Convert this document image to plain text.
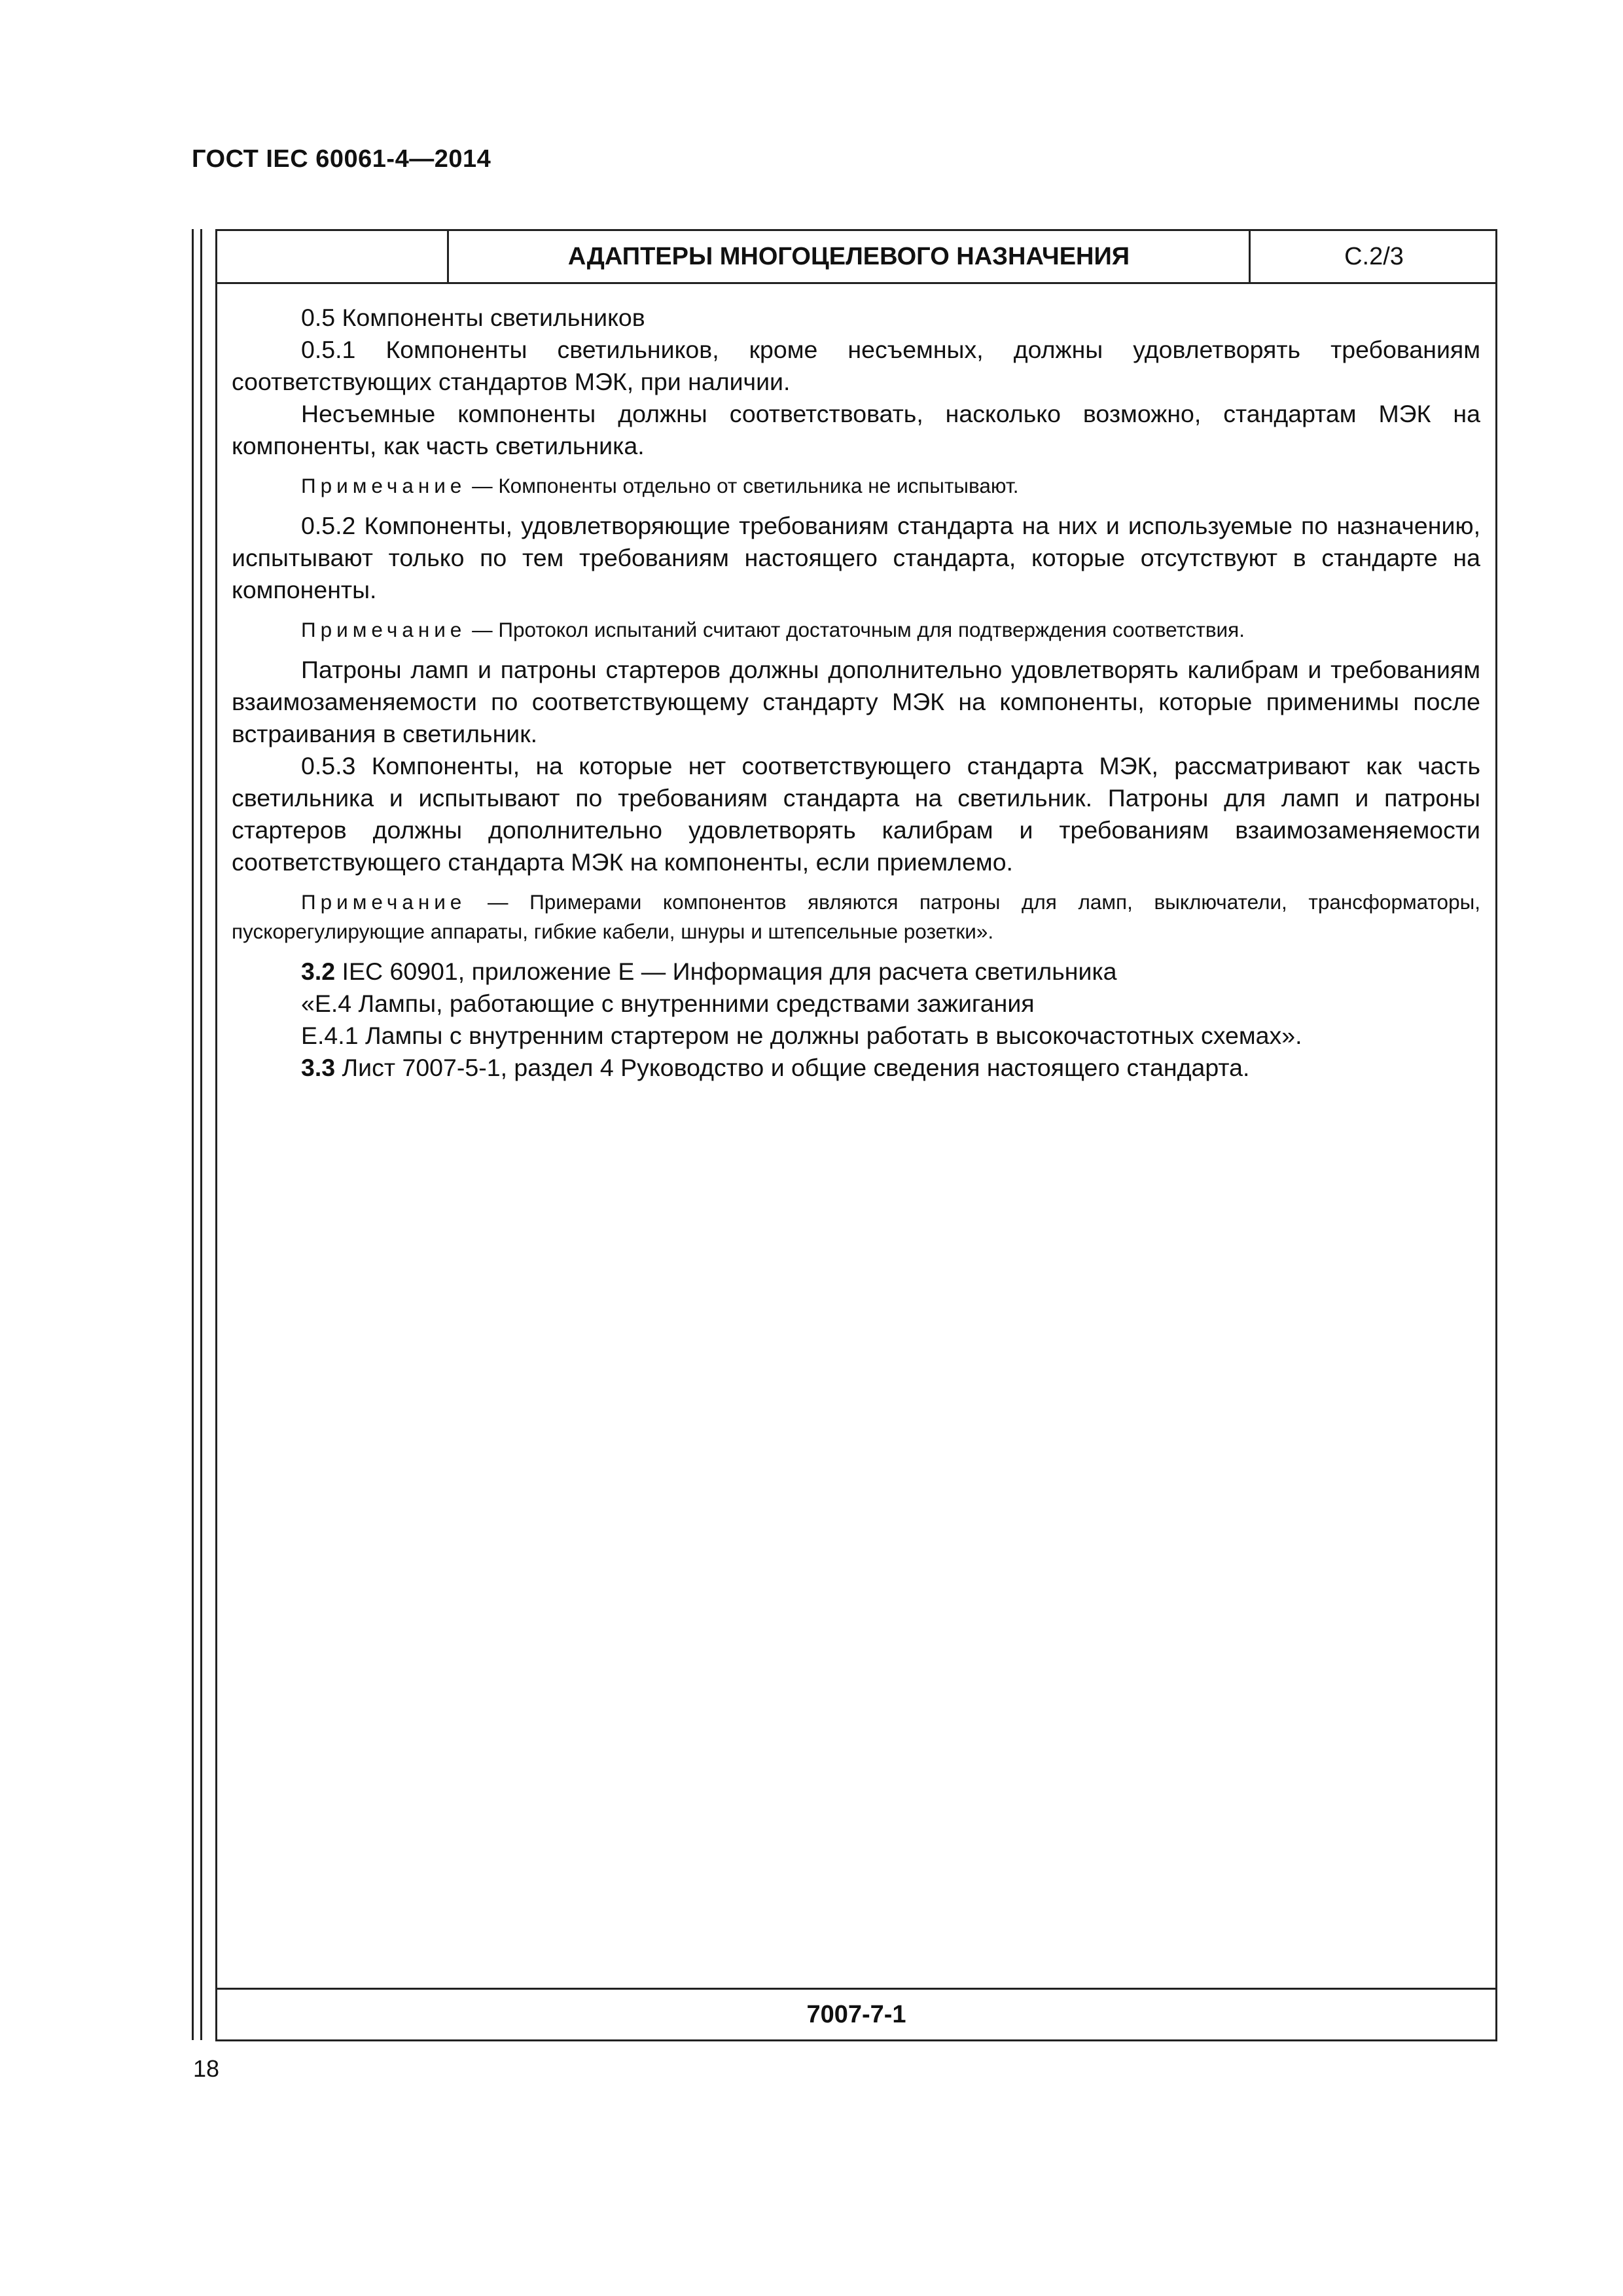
ГОСТ IEC 60061-4—2014
АДАПТЕРЫ МНОГОЦЕЛЕВОГО НАЗНАЧЕНИЯ	С.2/3

0.5 Компоненты светильников

0.5.1 Компоненты светильников, кроме несъемных, должны удовлетворять требованиям соответствующих стандартов МЭК, при наличии.

Несъемные компоненты должны соответствовать, насколько возможно, стандартам МЭК на компоненты, как часть светильника.

Примечание — Компоненты отдельно от светильника не испытывают.

0.5.2 Компоненты, удовлетворяющие требованиям стандарта на них и используемые по назначению, испытывают только по тем требованиям настоящего стандарта, которые отсутствуют в стандарте на компоненты.

Примечание — Протокол испытаний считают достаточным для подтверждения соответствия.

Патроны ламп и патроны стартеров должны дополнительно удовлетворять калибрам и требованиям взаимозаменяемости по соответствующему стандарту МЭК на компоненты, которые применимы после встраивания в светильник.

0.5.3 Компоненты, на которые нет соответствующего стандарта МЭК, рассматривают как часть светильника и испытывают по требованиям стандарта на светильник. Патроны для ламп и патроны стартеров должны дополнительно удовлетворять калибрам и требованиям взаимозаменяемости соответствующего стандарта МЭК на компоненты, если приемлемо.

Примечание — Примерами компонентов являются патроны для ламп, выключатели, трансформаторы, пускорегулирующие аппараты, гибкие кабели, шнуры и штепсельные розетки».

3.2 IEC 60901, приложение Е — Информация для расчета светильника

«Е.4 Лампы, работающие с внутренними средствами зажигания

Е.4.1 Лампы с внутренним стартером не должны работать в высокочастотных схемах».

3.3 Лист 7007-5-1, раздел 4 Руководство и общие сведения настоящего стандарта.

7007-7-1
18
